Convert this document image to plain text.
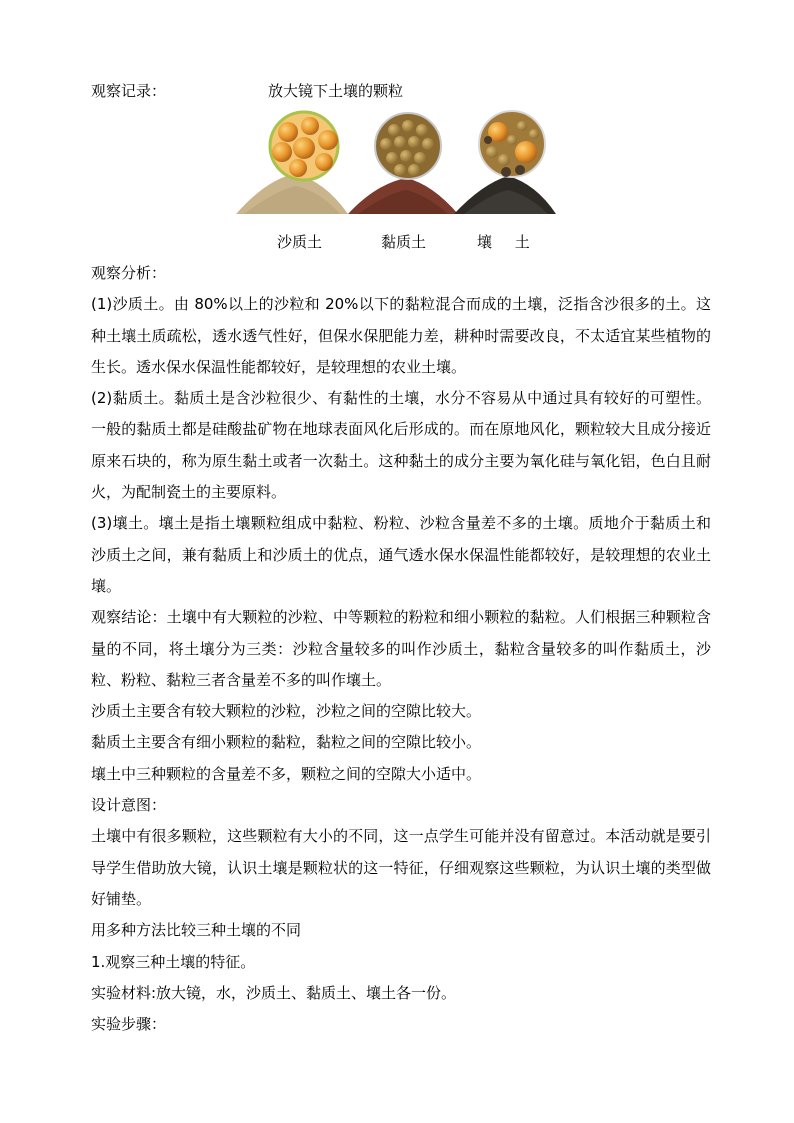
观察记录：	放大镜下土壤的颗粒
沙质土	黏质土	壤 土

观察分析：

(1)沙质土。由 80%以上的沙粒和 20%以下的黏粒混合而成的土壤，泛指含沙很多的土。这种土壤土质疏松，透水透气性好，但保水保肥能力差，耕种时需要改良，不太适宜某些植物的生长。透水保水保温性能都较好，是较理想的农业土壤。

(2)黏质土。黏质土是含沙粒很少、有黏性的土壤，水分不容易从中通过具有较好的可塑性。一般的黏质土都是硅酸盐矿物在地球表面风化后形成的。而在原地风化，颗粒较大且成分接近原来石块的，称为原生黏土或者一次黏土。这种黏土的成分主要为氧化硅与氧化铝，色白且耐火，为配制瓷土的主要原料。

(3)壤土。壤土是指土壤颗粒组成中黏粒、粉粒、沙粒含量差不多的土壤。质地介于黏质土和沙质土之间，兼有黏质上和沙质土的优点，通气透水保水保温性能都较好，是较理想的农业土壤。

观察结论：土壤中有大颗粒的沙粒、中等颗粒的粉粒和细小颗粒的黏粒。人们根据三种颗粒含量的不同，将土壤分为三类：沙粒含量较多的叫作沙质土，黏粒含量较多的叫作黏质土，沙粒、粉粒、黏粒三者含量差不多的叫作壤土。

沙质土主要含有较大颗粒的沙粒，沙粒之间的空隙比较大。

黏质土主要含有细小颗粒的黏粒，黏粒之间的空隙比较小。

壤土中三种颗粒的含量差不多，颗粒之间的空隙大小适中。

设计意图：

土壤中有很多颗粒，这些颗粒有大小的不同，这一点学生可能并没有留意过。本活动就是要引导学生借助放大镜，认识土壤是颗粒状的这一特征，仔细观察这些颗粒，为认识土壤的类型做好铺垫。

用多种方法比较三种土壤的不同

1.观察三种土壤的特征。

实验材料:放大镜，水，沙质土、黏质土、壤土各一份。

实验步骤：
